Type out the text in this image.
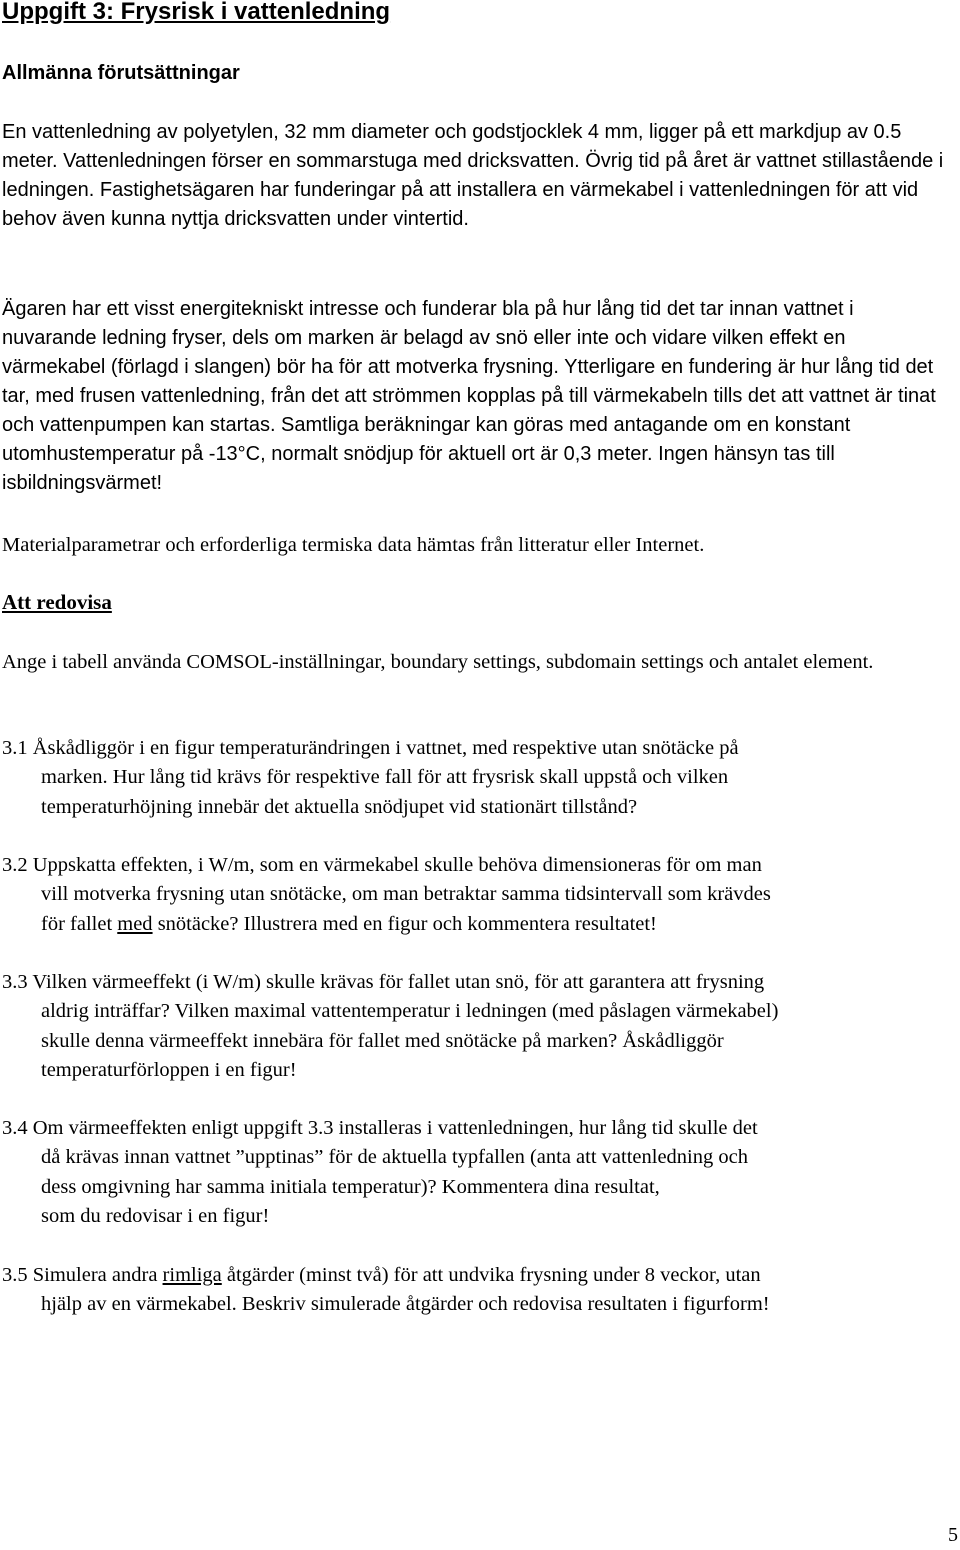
Uppgift 3: Frysrisk i vattenledning
Allmänna förutsättningar

En vattenledning av polyetylen, 32 mm diameter och godstjocklek 4 mm, ligger på ett markdjup av 0.5 meter. Vattenledningen förser en sommarstuga med dricksvatten. Övrig tid på året är vattnet stillastående i ledningen. Fastighetsägaren har funderingar på att installera en värmekabel i vattenledningen för att vid behov även kunna nyttja dricksvatten under vintertid.

Ägaren har ett visst energitekniskt intresse och funderar bla på hur lång tid det tar innan vattnet i nuvarande ledning fryser, dels om marken är belagd av snö eller inte och vidare vilken effekt en värmekabel (förlagd i slangen) bör ha för att motverka frysning. Ytterligare en fundering är hur lång tid det tar, med frusen vattenledning, från det att strömmen kopplas på till värmekabeln tills det att vattnet är tinat och vattenpumpen kan startas. Samtliga beräkningar kan göras med antagande om en konstant utomhustemperatur på -13°C, normalt snödjup för aktuell ort är 0,3 meter. Ingen hänsyn tas till isbildningsvärmet!

Materialparametrar och erforderliga termiska data hämtas från litteratur eller Internet.

Att redovisa

Ange i tabell använda COMSOL-inställningar, boundary settings, subdomain settings och antalet element.

3.1 Åskådliggör i en figur temperaturändringen i vattnet, med respektive utan snötäcke på
marken. Hur lång tid krävs för respektive fall för att frysrisk skall uppstå och vilken
temperaturhöjning innebär det aktuella snödjupet vid stationärt tillstånd?
3.2 Uppskatta effekten, i W/m, som en värmekabel skulle behöva dimensioneras för om man
vill motverka frysning utan snötäcke, om man betraktar samma tidsintervall som krävdes
för fallet med snötäcke? Illustrera med en figur och kommentera resultatet!
3.3 Vilken värmeeffekt (i W/m) skulle krävas för fallet utan snö, för att garantera att frysning
aldrig inträffar? Vilken maximal vattentemperatur i ledningen (med påslagen värmekabel)
skulle denna värmeeffekt innebära för fallet med snötäcke på marken? Åskådliggör
temperaturförloppen i en figur!
3.4 Om värmeeffekten enligt uppgift 3.3 installeras i vattenledningen, hur lång tid skulle det
då krävas innan vattnet ”upptinas” för de aktuella typfallen (anta att vattenledning och
dess omgivning har samma initiala temperatur)? Kommentera dina resultat,
som du redovisar i en figur!
3.5 Simulera andra rimliga åtgärder (minst två) för att undvika frysning under 8 veckor, utan
hjälp av en värmekabel. Beskriv simulerade åtgärder och redovisa resultaten i figurform!
5
